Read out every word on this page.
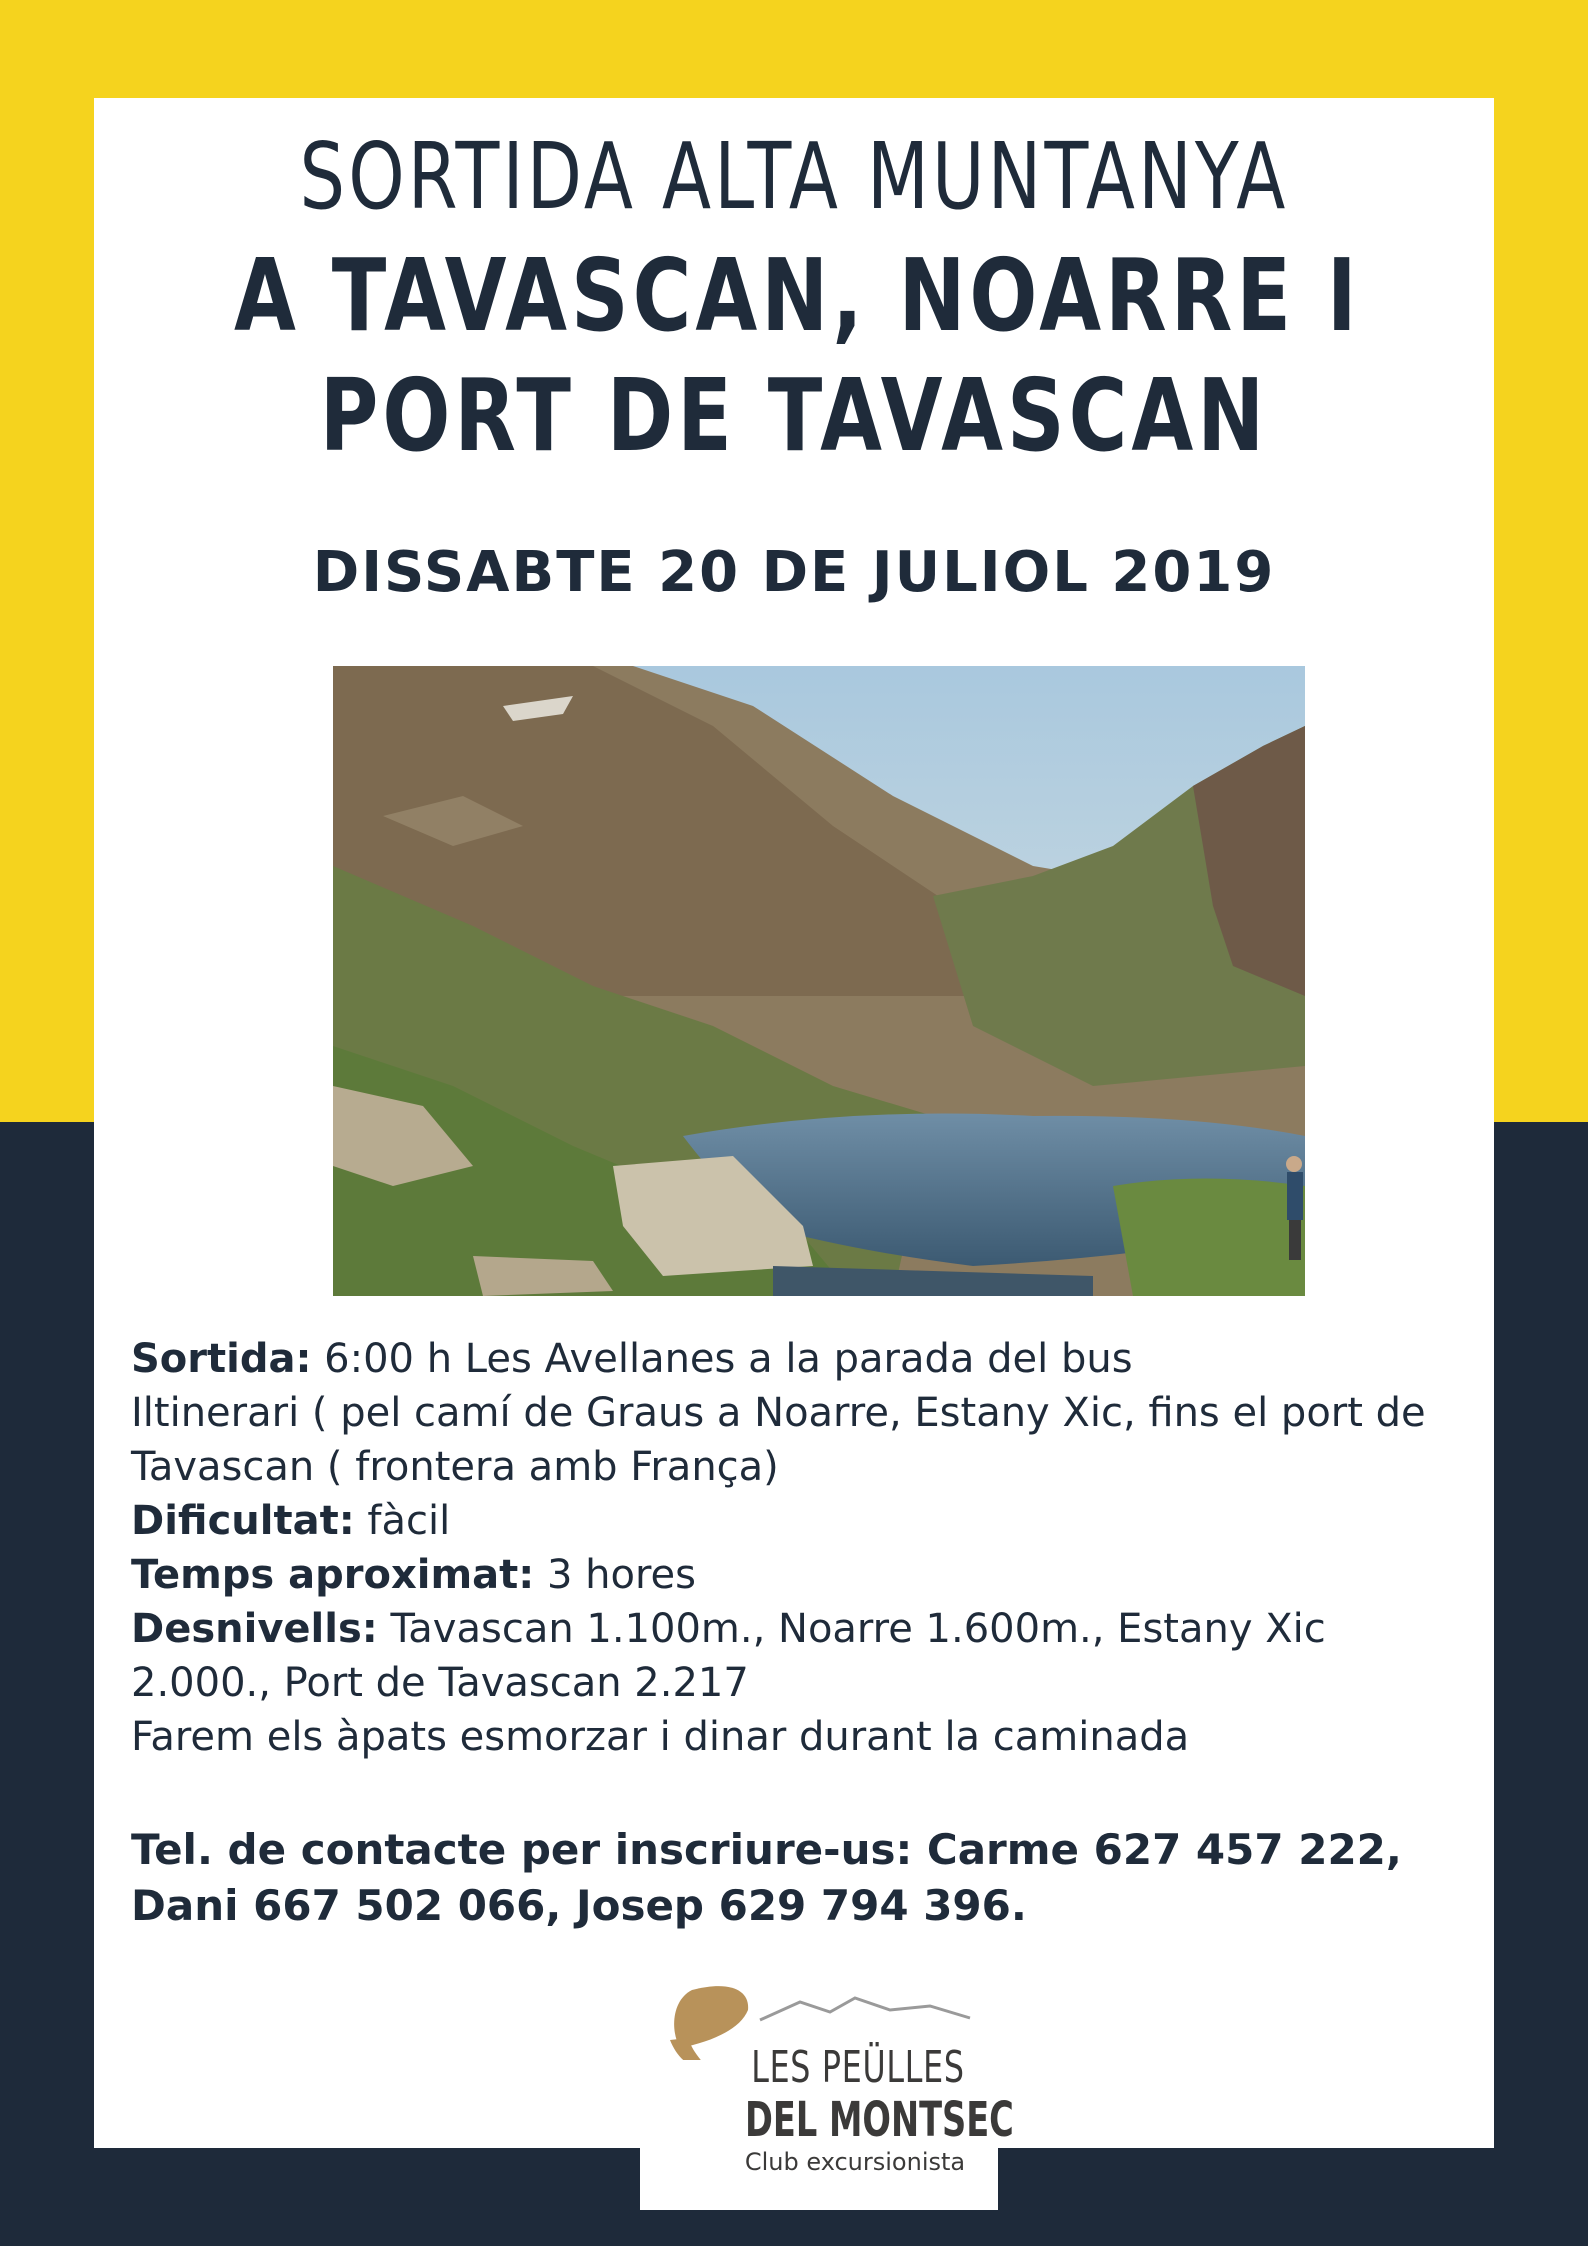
SORTIDA ALTA MUNTANYA
A TAVASCAN, NOARRE I
PORT DE TAVASCAN
DISSABTE 20 DE JULIOL 2019

Sortida: 6:00 h Les Avellanes a la parada del bus

Iltinerari ( pel camí de Graus a Noarre, Estany Xic, fins el port de Tavascan ( frontera amb França)

Dificultat: fàcil

Temps aproximat: 3 hores

Desnivells: Tavascan 1.100m., Noarre 1.600m., Estany Xic 2.000., Port de Tavascan 2.217

Farem els àpats esmorzar i dinar durant la caminada

Tel. de contacte per inscriure-us: Carme 627 457 222,

Dani 667 502 066, Josep 629 794 396.

LES PEÜLLES
DEL MONTSEC
Club excursionista
